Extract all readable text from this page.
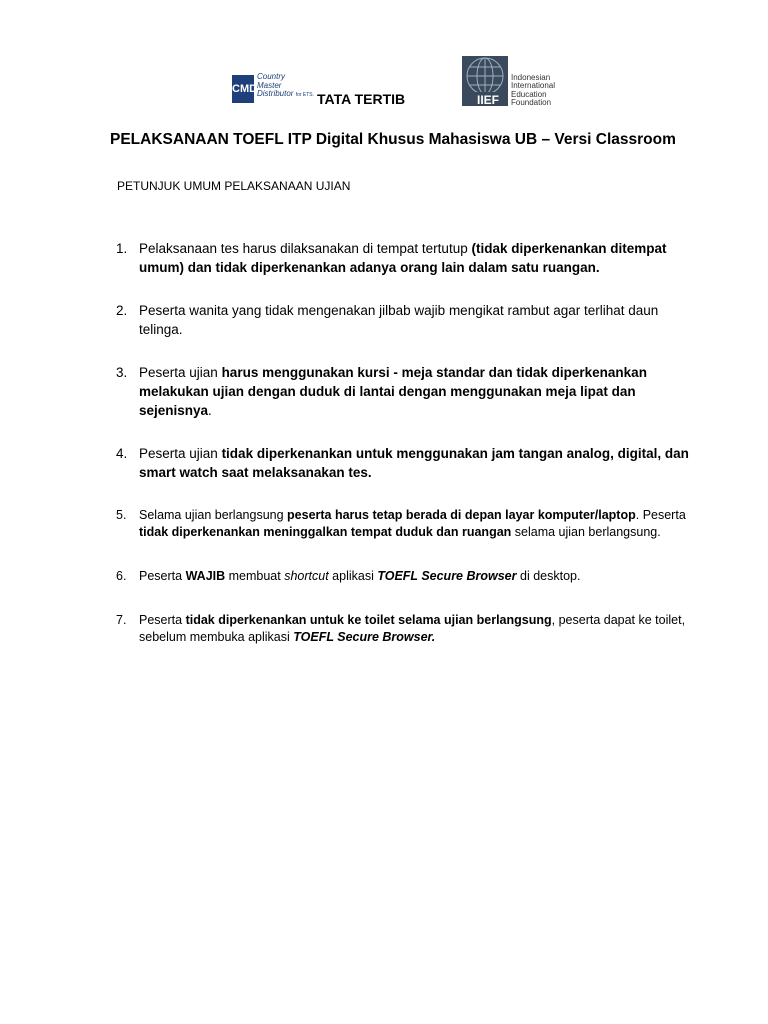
CMD
Country
Master
Distributor for ETS.	IIEF
Indonesian
International
Education
Foundation
TATA TERTIB
PELAKSANAAN TOEFL ITP Digital Khusus Mahasiswa UB – Versi Classroom
PETUNJUK UMUM PELAKSANAAN UJIAN
1. Pelaksanaan tes harus dilaksanakan di tempat tertutup (tidak diperkenankan ditempat umum) dan tidak diperkenankan adanya orang lain dalam satu ruangan.
2. Peserta wanita yang tidak mengenakan jilbab wajib mengikat rambut agar terlihat daun telinga.
3. Peserta ujian harus menggunakan kursi - meja standar dan tidak diperkenankan melakukan ujian dengan duduk di lantai dengan menggunakan meja lipat dan sejenisnya.
4. Peserta ujian tidak diperkenankan untuk menggunakan jam tangan analog, digital, dan smart watch saat melaksanakan tes.
5. Selama ujian berlangsung peserta harus tetap berada di depan layar komputer/laptop. Peserta tidak diperkenankan meninggalkan tempat duduk dan ruangan selama ujian berlangsung.
6. Peserta WAJIB membuat shortcut aplikasi TOEFL Secure Browser di desktop.
7. Peserta tidak diperkenankan untuk ke toilet selama ujian berlangsung, peserta dapat ke toilet, sebelum membuka aplikasi TOEFL Secure Browser.
